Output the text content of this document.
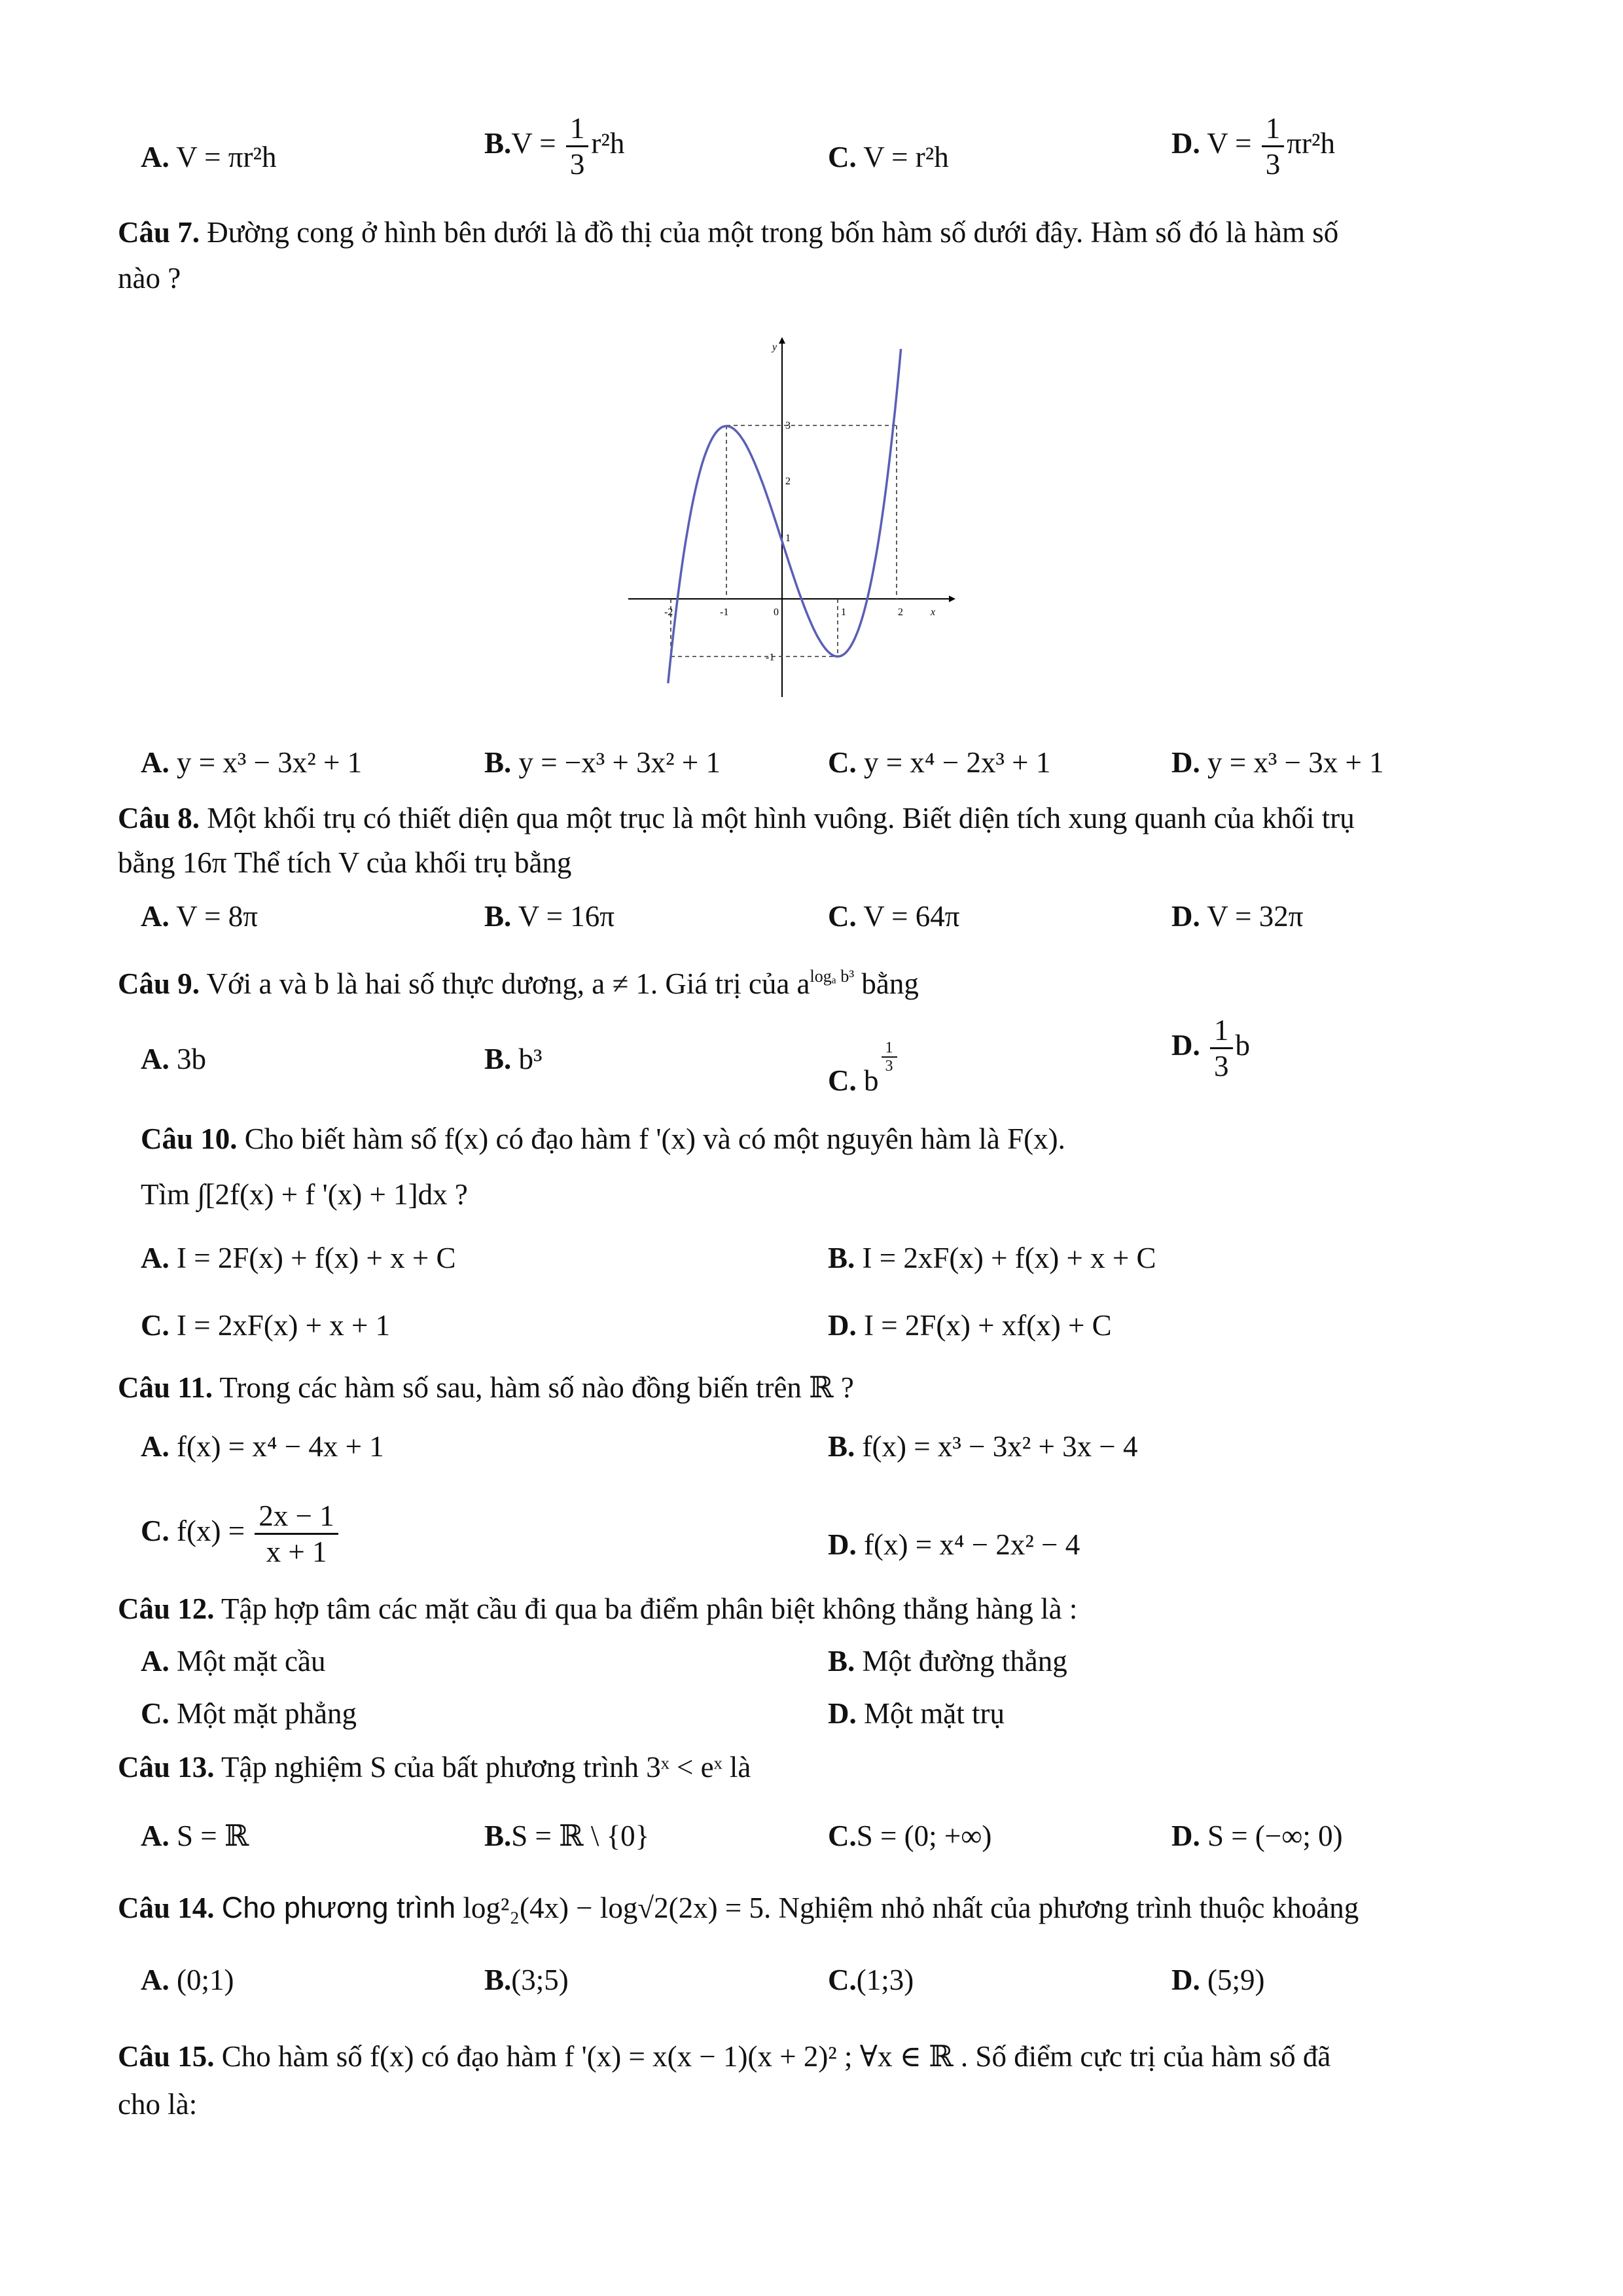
A. V = πr²h	$B.V = \frac{1}{3} r^2h$	C. V = r²h	D. $V = \frac{1}{3} \pi r^2h$
Câu 7. Đường cong ở hình bên dưới là đồ thị của một trong bốn hàm số dưới đây. Hàm số đó là hàm số
nào ?
y
x
3
2
1
-1
-2	-1	0	1	2
A. y = x³ − 3x² + 1	B. y = −x³ + 3x² + 1	C. y = x⁴ − 2x³ + 1	D. y = x³ − 3x + 1
Câu 8. Một khối trụ có thiết diện qua một trục là một hình vuông. Biết diện tích xung quanh của khối trụ
bằng 16π Thể tích V của khối trụ bằng
A. V = 8π	B. V = 16π	C. V = 64π	D. V = 32π
Câu 9. Với a và b là hai số thực dương, a ≠ 1. Giá trị của $a^{log_a b^3}$ bằng
A. 3b	B. b³
C. b
$\frac{1}{3}$	D. $\frac{1}{3}$ b
Câu 10. Cho biết hàm số f(x) có đạo hàm f '(x) và có một nguyên hàm là F(x).
Tìm ∫[2f(x) + f '(x) + 1]dx ?
A. I = 2F(x) + f(x) + x + C	B. I = 2xF(x) + f(x) + x + C
C. I = 2xF(x) + x + 1	D. I = 2F(x) + xf(x) + C
Câu 11. Trong các hàm số sau, hàm số nào đồng biến trên ℝ ?
A. f(x) = x⁴ − 4x + 1	B. f(x) = x³ − 3x² + 3x − 4
C. $f(x) = \frac{2x - 1}{x + 1}$	D. f(x) = x⁴ − 2x² − 4
Câu 12. Tập hợp tâm các mặt cầu đi qua ba điểm phân biệt không thẳng hàng là :
A. Một mặt cầu	B. Một đường thẳng
C. Một mặt phẳng	D. Một mặt trụ
Câu 13. Tập nghiệm S của bất phương trình 3ˣ < eˣ là
A. S = ℝ	B.S = ℝ \ {0}	C.S = (0; +∞)	D. S = (−∞; 0)
Câu 14. Cho phương trình log²₂(4x) − log√2(2x) = 5. Nghiệm nhỏ nhất của phương trình thuộc khoảng
A. (0;1)	B.(3;5)	C.(1;3)	D. (5;9)
Câu 15. Cho hàm số f(x) có đạo hàm f '(x) = x(x − 1)(x + 2)² ; ∀x ∈ ℝ . Số điểm cực trị của hàm số đã
cho là:
